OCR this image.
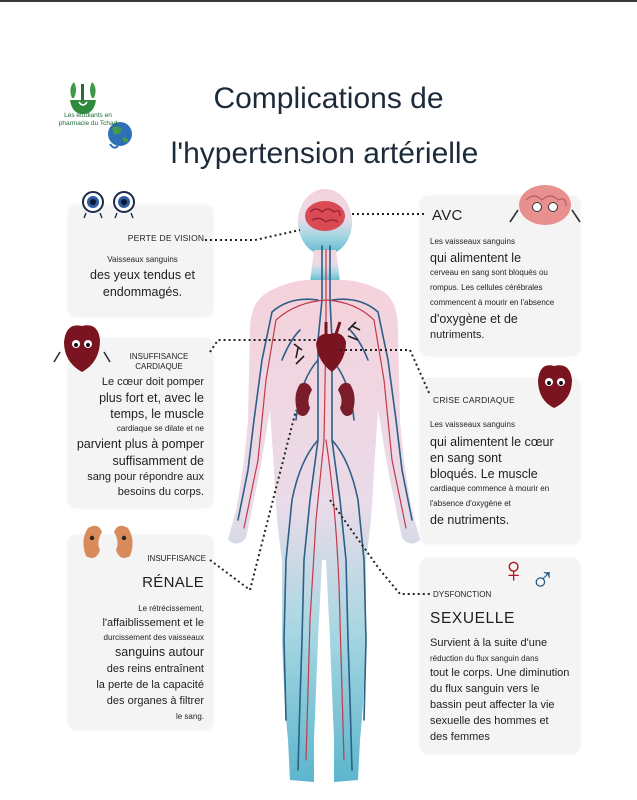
Les étudiants en pharmacie du Tchad
Complications de
l'hypertension artérielle
♀ ♂
PERTE DE VISION
Vaisseaux sanguins
des yeux tendus et
endommagés.
AVC
Les vaisseaux sanguins
qui alimentent le
cerveau en sang sont bloqués ou
rompus. Les cellules cérébrales
commencent à mourir en l'absence
d'oxygène et de
nutriments.
INSUFFISANCE CARDIAQUE
Le cœur doit pomper
plus fort et, avec le
temps, le muscle
cardiaque se dilate et ne
parvient plus à pomper
suffisamment de
sang pour répondre aux
besoins du corps.
CRISE CARDIAQUE
Les vaisseaux sanguins
qui alimentent le cœur
en sang sont
bloqués. Le muscle
cardiaque commence à mourir en
l'absence d'oxygène et
de nutriments.
INSUFFISANCE
RÉNALE
Le rétrécissement,
l'affaiblissement et le
durcissement des vaisseaux
sanguins autour
des reins entraînent
la perte de la capacité
des organes à filtrer
le sang.
DYSFONCTION
SEXUELLE
Survient à la suite d'une
réduction du flux sanguin dans
tout le corps. Une diminution
du flux sanguin vers le
bassin peut affecter la vie
sexuelle des hommes et
des femmes
